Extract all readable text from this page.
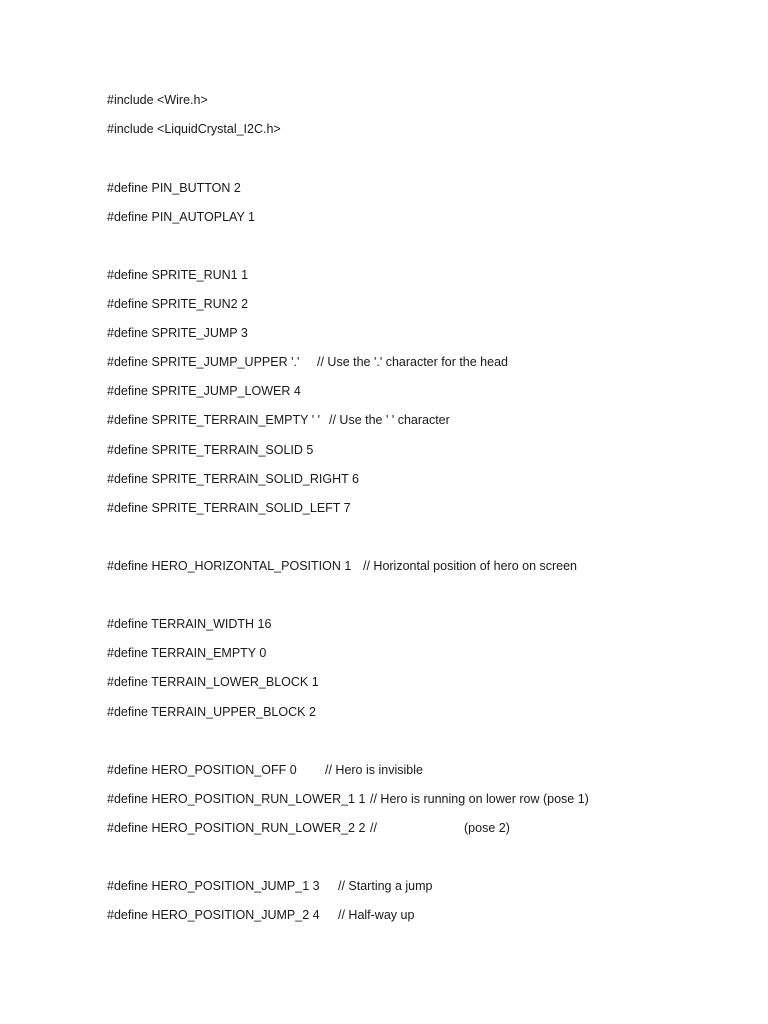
#include <Wire.h>
#include <LiquidCrystal_I2C.h>
#define PIN_BUTTON 2
#define PIN_AUTOPLAY 1
#define SPRITE_RUN1 1
#define SPRITE_RUN2 2
#define SPRITE_JUMP 3
#define SPRITE_JUMP_UPPER '.' // Use the '.' character for the head
#define SPRITE_JUMP_LOWER 4
#define SPRITE_TERRAIN_EMPTY ' ' // Use the ' ' character
#define SPRITE_TERRAIN_SOLID 5
#define SPRITE_TERRAIN_SOLID_RIGHT 6
#define SPRITE_TERRAIN_SOLID_LEFT 7
#define HERO_HORIZONTAL_POSITION 1 // Horizontal position of hero on screen
#define TERRAIN_WIDTH 16
#define TERRAIN_EMPTY 0
#define TERRAIN_LOWER_BLOCK 1
#define TERRAIN_UPPER_BLOCK 2
#define HERO_POSITION_OFF 0 // Hero is invisible
#define HERO_POSITION_RUN_LOWER_1 1 // Hero is running on lower row (pose 1)
#define HERO_POSITION_RUN_LOWER_2 2 //	(pose 2)
#define HERO_POSITION_JUMP_1 3 // Starting a jump
#define HERO_POSITION_JUMP_2 4 // Half-way up
